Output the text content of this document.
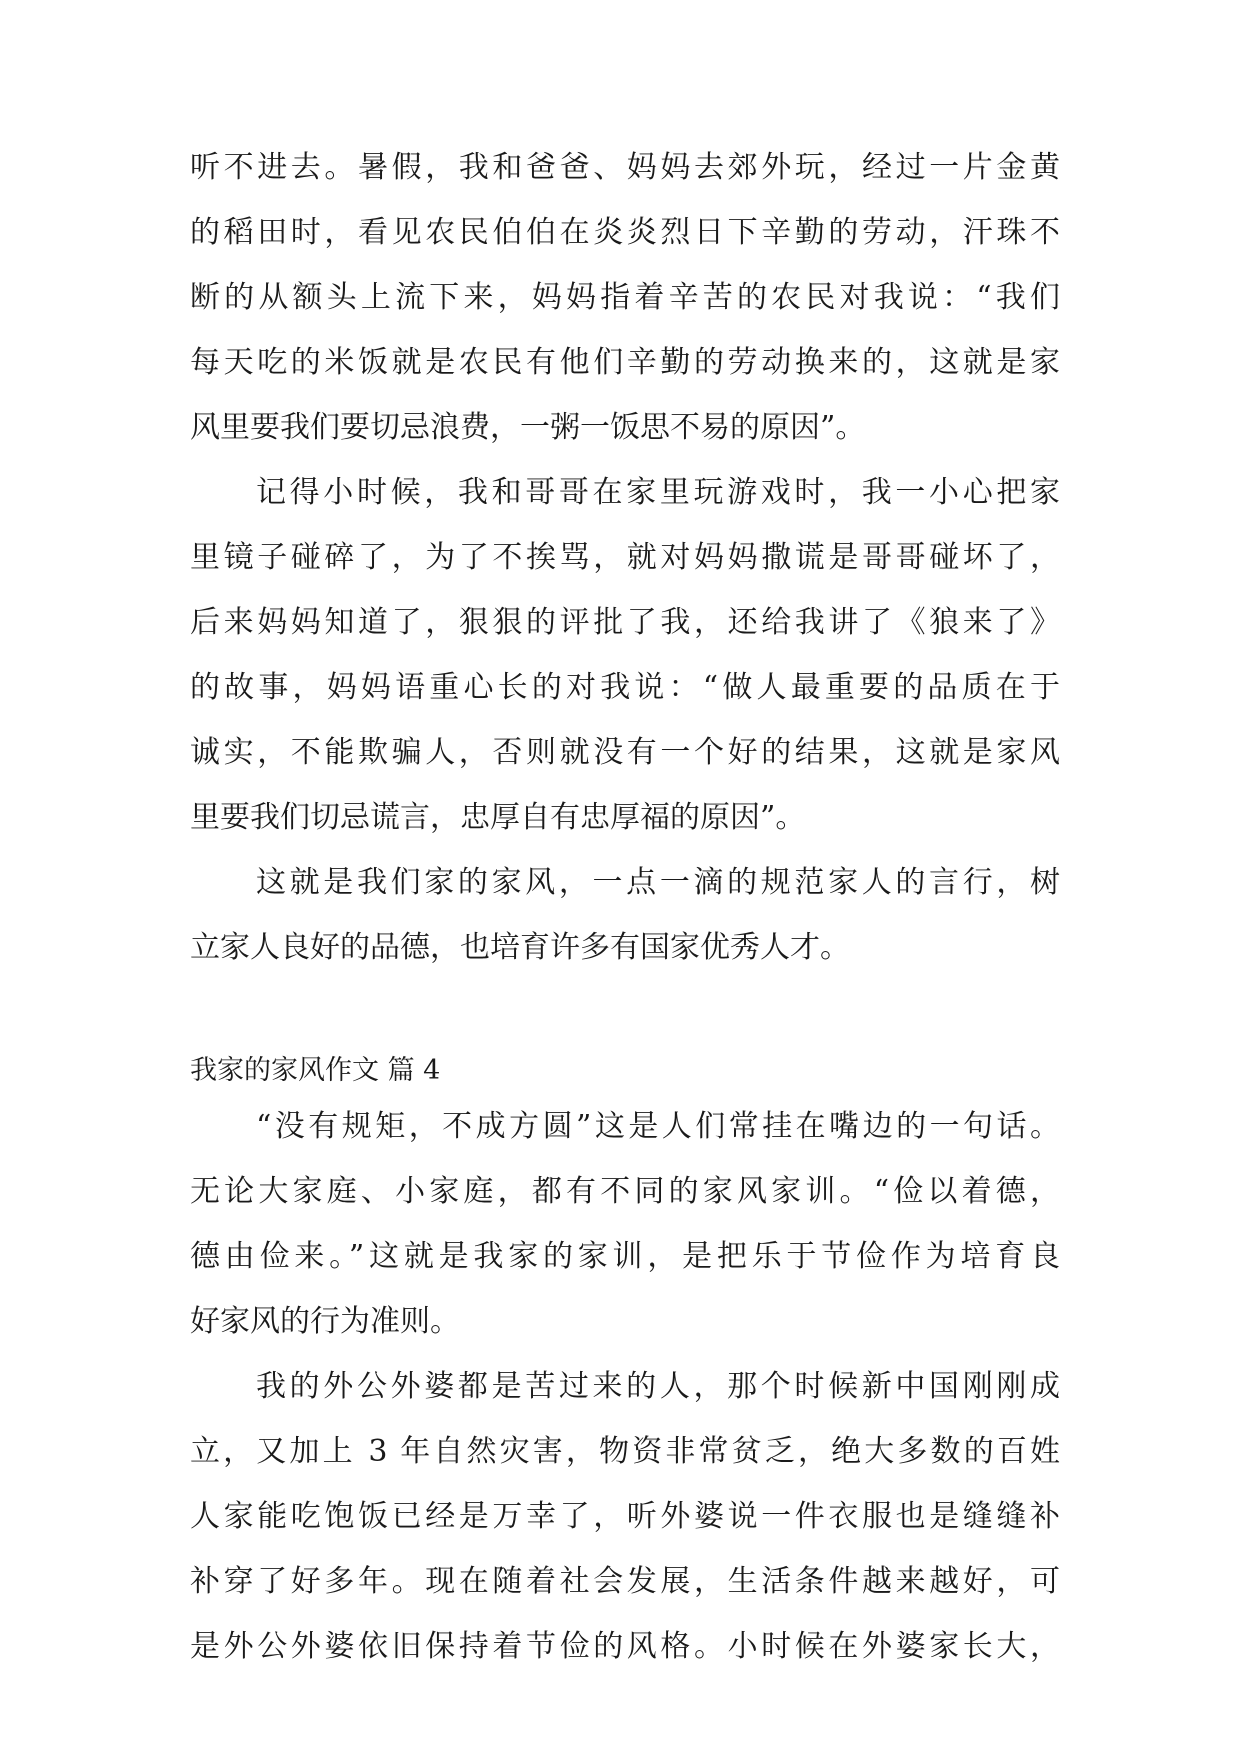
听不进去。暑假，我和爸爸、妈妈去郊外玩，经过一片金黄
的稻田时，看见农民伯伯在炎炎烈日下辛勤的劳动，汗珠不
断的从额头上流下来，妈妈指着辛苦的农民对我说：“我们
每天吃的米饭就是农民有他们辛勤的劳动换来的，这就是家
风里要我们要切忌浪费，一粥一饭思不易的原因”。
记得小时候，我和哥哥在家里玩游戏时，我一小心把家
里镜子碰碎了，为了不挨骂，就对妈妈撒谎是哥哥碰坏了，
后来妈妈知道了，狠狠的评批了我，还给我讲了《狼来了》
的故事，妈妈语重心长的对我说：“做人最重要的品质在于
诚实，不能欺骗人，否则就没有一个好的结果，这就是家风
里要我们切忌谎言，忠厚自有忠厚福的原因”。
这就是我们家的家风，一点一滴的规范家人的言行，树
立家人良好的品德，也培育许多有国家优秀人才。
我家的家风作文 篇 4
“没有规矩，不成方圆”这是人们常挂在嘴边的一句话。
无论大家庭、小家庭，都有不同的家风家训。“俭以着德，
德由俭来。”这就是我家的家训，是把乐于节俭作为培育良
好家风的行为准则。
我的外公外婆都是苦过来的人，那个时候新中国刚刚成
立，又加上 3 年自然灾害，物资非常贫乏，绝大多数的百姓
人家能吃饱饭已经是万幸了，听外婆说一件衣服也是缝缝补
补穿了好多年。现在随着社会发展，生活条件越来越好，可
是外公外婆依旧保持着节俭的风格。小时候在外婆家长大，
